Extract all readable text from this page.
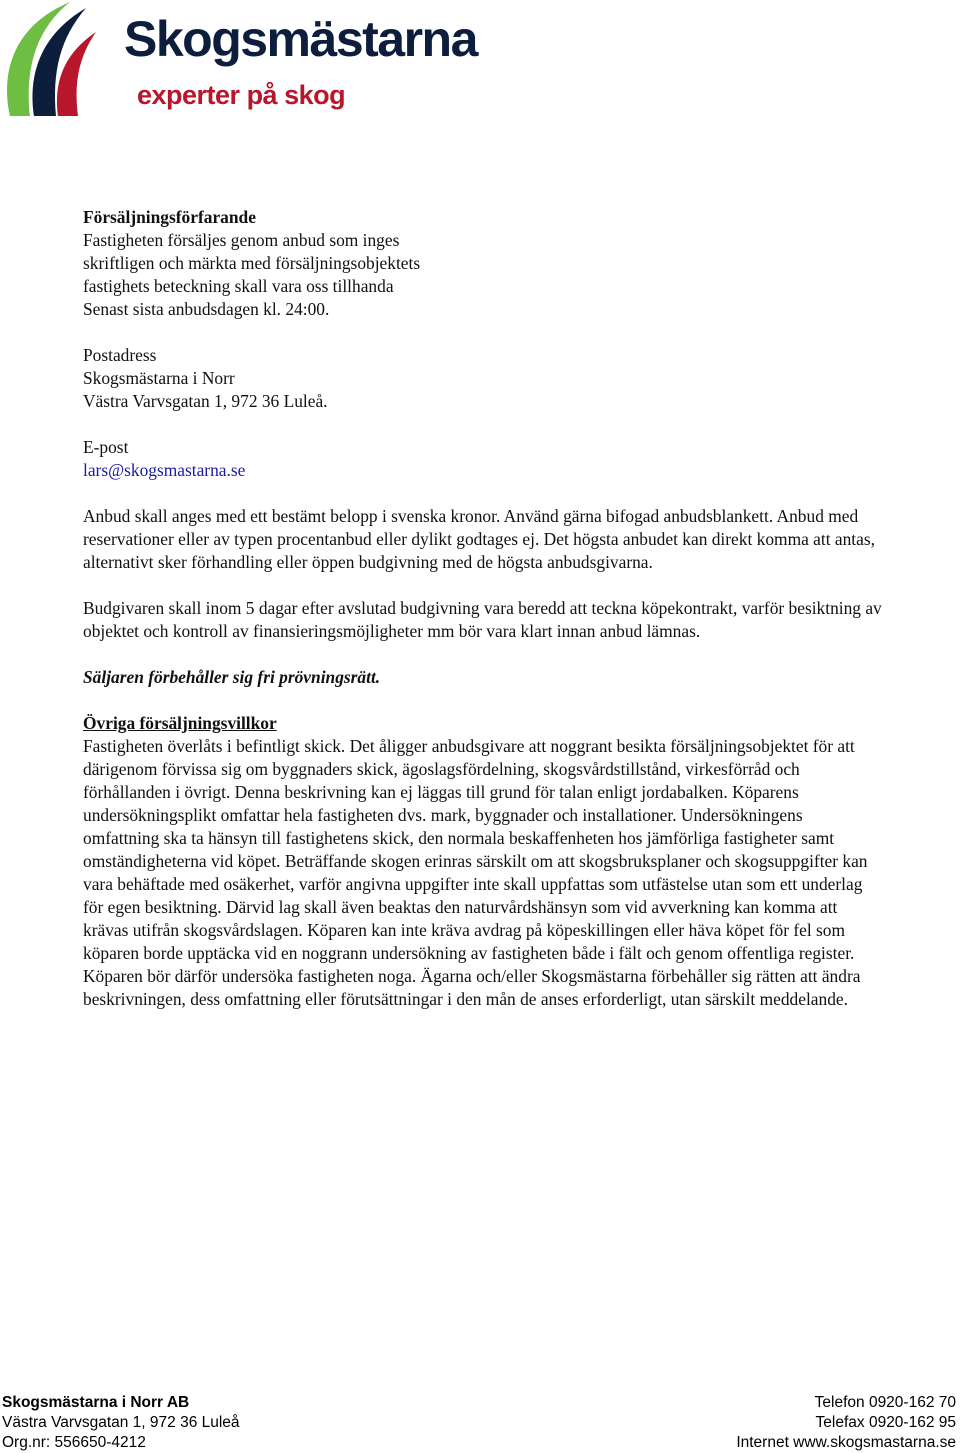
Skogsmästarna
experter på skog

Försäljningsförfarande

Fastigheten försäljes genom anbud som inges

skriftligen och märkta med försäljningsobjektets

fastighets beteckning skall vara oss tillhanda

Senast sista anbudsdagen kl. 24:00.

Postadress

Skogsmästarna i Norr

Västra Varvsgatan 1, 972 36 Luleå.

E-post

lars@skogsmastarna.se

Anbud skall anges med ett bestämt belopp i svenska kronor. Använd gärna bifogad anbudsblankett. Anbud med reservationer eller av typen procentanbud eller dylikt godtages ej. Det högsta anbudet kan direkt komma att antas, alternativt sker förhandling eller öppen budgivning med de högsta anbudsgivarna.

Budgivaren skall inom 5 dagar efter avslutad budgivning vara beredd att teckna köpekontrakt, varför besiktning av objektet och kontroll av finansieringsmöjligheter mm bör vara klart innan anbud lämnas.

Säljaren förbehåller sig fri prövningsrätt.

Övriga försäljningsvillkor

Fastigheten överlåts i befintligt skick. Det åligger anbudsgivare att noggrant besikta försäljningsobjektet för att därigenom förvissa sig om byggnaders skick, ägoslagsfördelning, skogsvårdstillstånd, virkesförråd och förhållanden i övrigt. Denna beskrivning kan ej läggas till grund för talan enligt jordabalken. Köparens undersökningsplikt omfattar hela fastigheten dvs. mark, byggnader och installationer. Undersökningens omfattning ska ta hänsyn till fastighetens skick, den normala beskaffenheten hos jämförliga fastigheter samt omständigheterna vid köpet. Beträffande skogen erinras särskilt om att skogsbruksplaner och skogsuppgifter kan vara behäftade med osäkerhet, varför angivna uppgifter inte skall uppfattas som utfästelse utan som ett underlag för egen besiktning. Därvid lag skall även beaktas den naturvårdshänsyn som vid avverkning kan komma att krävas utifrån skogsvårdslagen. Köparen kan inte kräva avdrag på köpeskillingen eller häva köpet för fel som köparen borde upptäcka vid en noggrann undersökning av fastigheten både i fält och genom offentliga register. Köparen bör därför undersöka fastigheten noga. Ägarna och/eller Skogsmästarna förbehåller sig rätten att ändra beskrivningen, dess omfattning eller förutsättningar i den mån de anses erforderligt, utan särskilt meddelande.

Skogsmästarna i Norr AB	Telefon 0920-162 70
Västra Varvsgatan 1, 972 36 Luleå	Telefax 0920-162 95
Org.nr: 556650-4212	Internet www.skogsmastarna.se
